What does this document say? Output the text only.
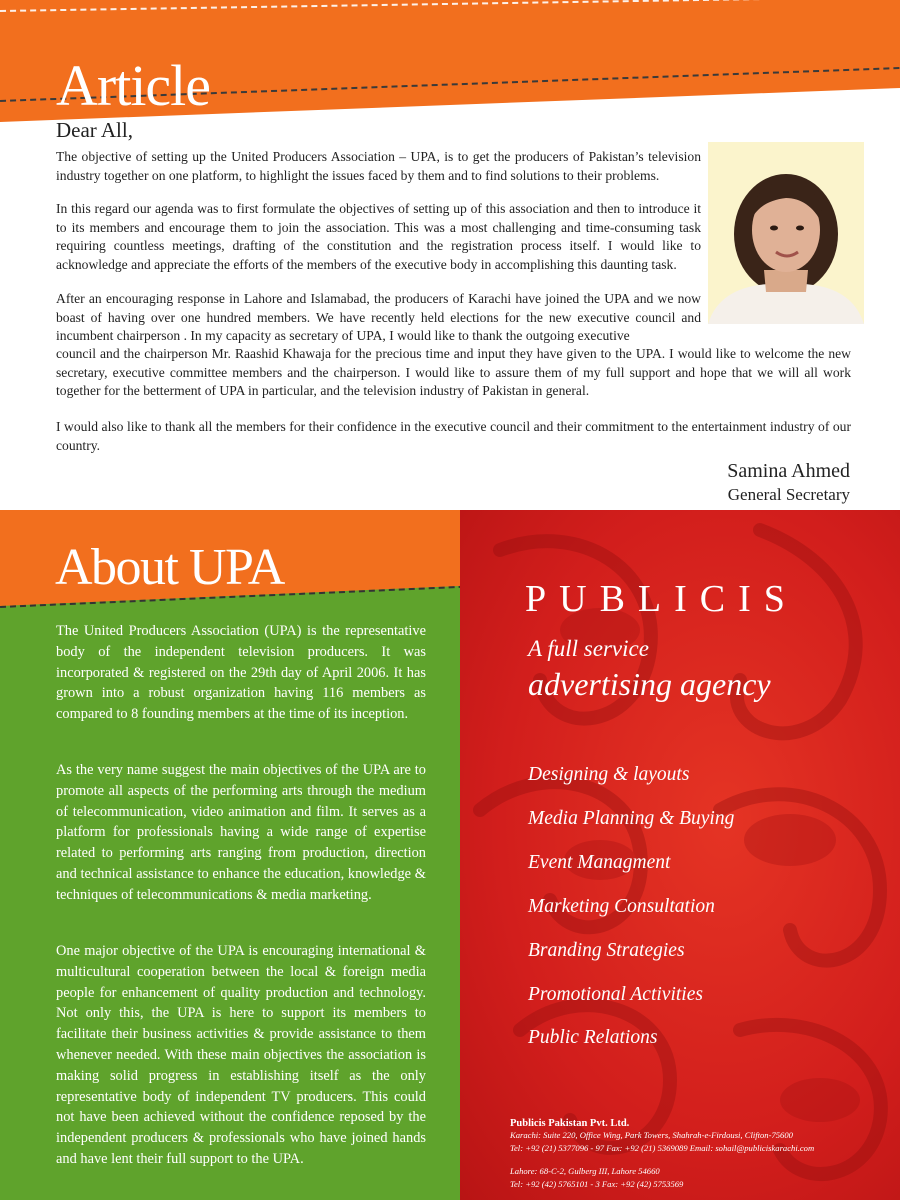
Article
Dear All,

The objective of setting up the United Producers Association – UPA, is to get the producers of Pakistan’s television industry together on one platform, to highlight the issues faced by them and to find solutions to their problems.

In this regard our agenda was to first formulate the objectives of setting up of this association and then to introduce it to its members and encourage them to join the association. This was a most challenging and time-consuming task requiring countless meetings, drafting of the constitution and the registration process itself. I would like to acknowledge and appreciate the efforts of the members of the executive body in accomplishing this daunting task.

After an encouraging response in Lahore and Islamabad, the producers of Karachi have joined the UPA and we now boast of having over one hundred members. We have recently held elections for the new executive council and incumbent chairperson . In my capacity as secretary of UPA, I would like to thank the outgoing executive

council and the chairperson Mr. Raashid Khawaja for the precious time and input they have given to the UPA. I would like to welcome the new secretary, executive committee members and the chairperson. I would like to assure them of my full support and hope that we will all work together for the betterment of UPA in particular, and the television industry of Pakistan in general.

I would also like to thank all the members for their confidence in the executive council and their commitment to the entertainment industry of our country.

Samina Ahmed
General Secretary
About UPA

The United Producers Association (UPA) is the representative body of the independent television producers. It was incorporated & registered on the 29th day of April 2006. It has grown into a robust organization having 116 members as compared to 8 founding members at the time of its inception.

As the very name suggest the main objectives of the UPA are to promote all aspects of the performing arts through the medium of telecommunication, video animation and film. It serves as a platform for professionals having a wide range of expertise related to performing arts ranging from production, direction and technical assistance to enhance the education, knowledge & techniques of telecommunications & media marketing.

One major objective of the UPA is encouraging international & multicultural cooperation between the local & foreign media people for enhancement of quality production and technology. Not only this, the UPA is here to support its members to facilitate their business activities & provide assistance to them whenever needed. With these main objectives the association is making solid progress in establishing itself as the only representative body of independent TV producers. This could not have been achieved without the confidence reposed by the independent producers & professionals who have joined hands and have lent their full support to the UPA.

PUBLICIS
A full service
advertising agency
Designing & layouts
Media Planning & Buying
Event Managment
Marketing Consultation
Branding Strategies
Promotional Activities
Public Relations
Publicis Pakistan Pvt. Ltd.
Karachi: Suite 220, Office Wing, Park Towers, Shahrah-e-Firdousi, Clifton-75600
Tel: +92 (21) 5377096 - 97 Fax: +92 (21) 5369089 Email: sohail@publiciskarachi.com
Lahore: 68-C-2, Gulberg III, Lahore 54660
Tel: +92 (42) 5765101 - 3 Fax: +92 (42) 5753569
